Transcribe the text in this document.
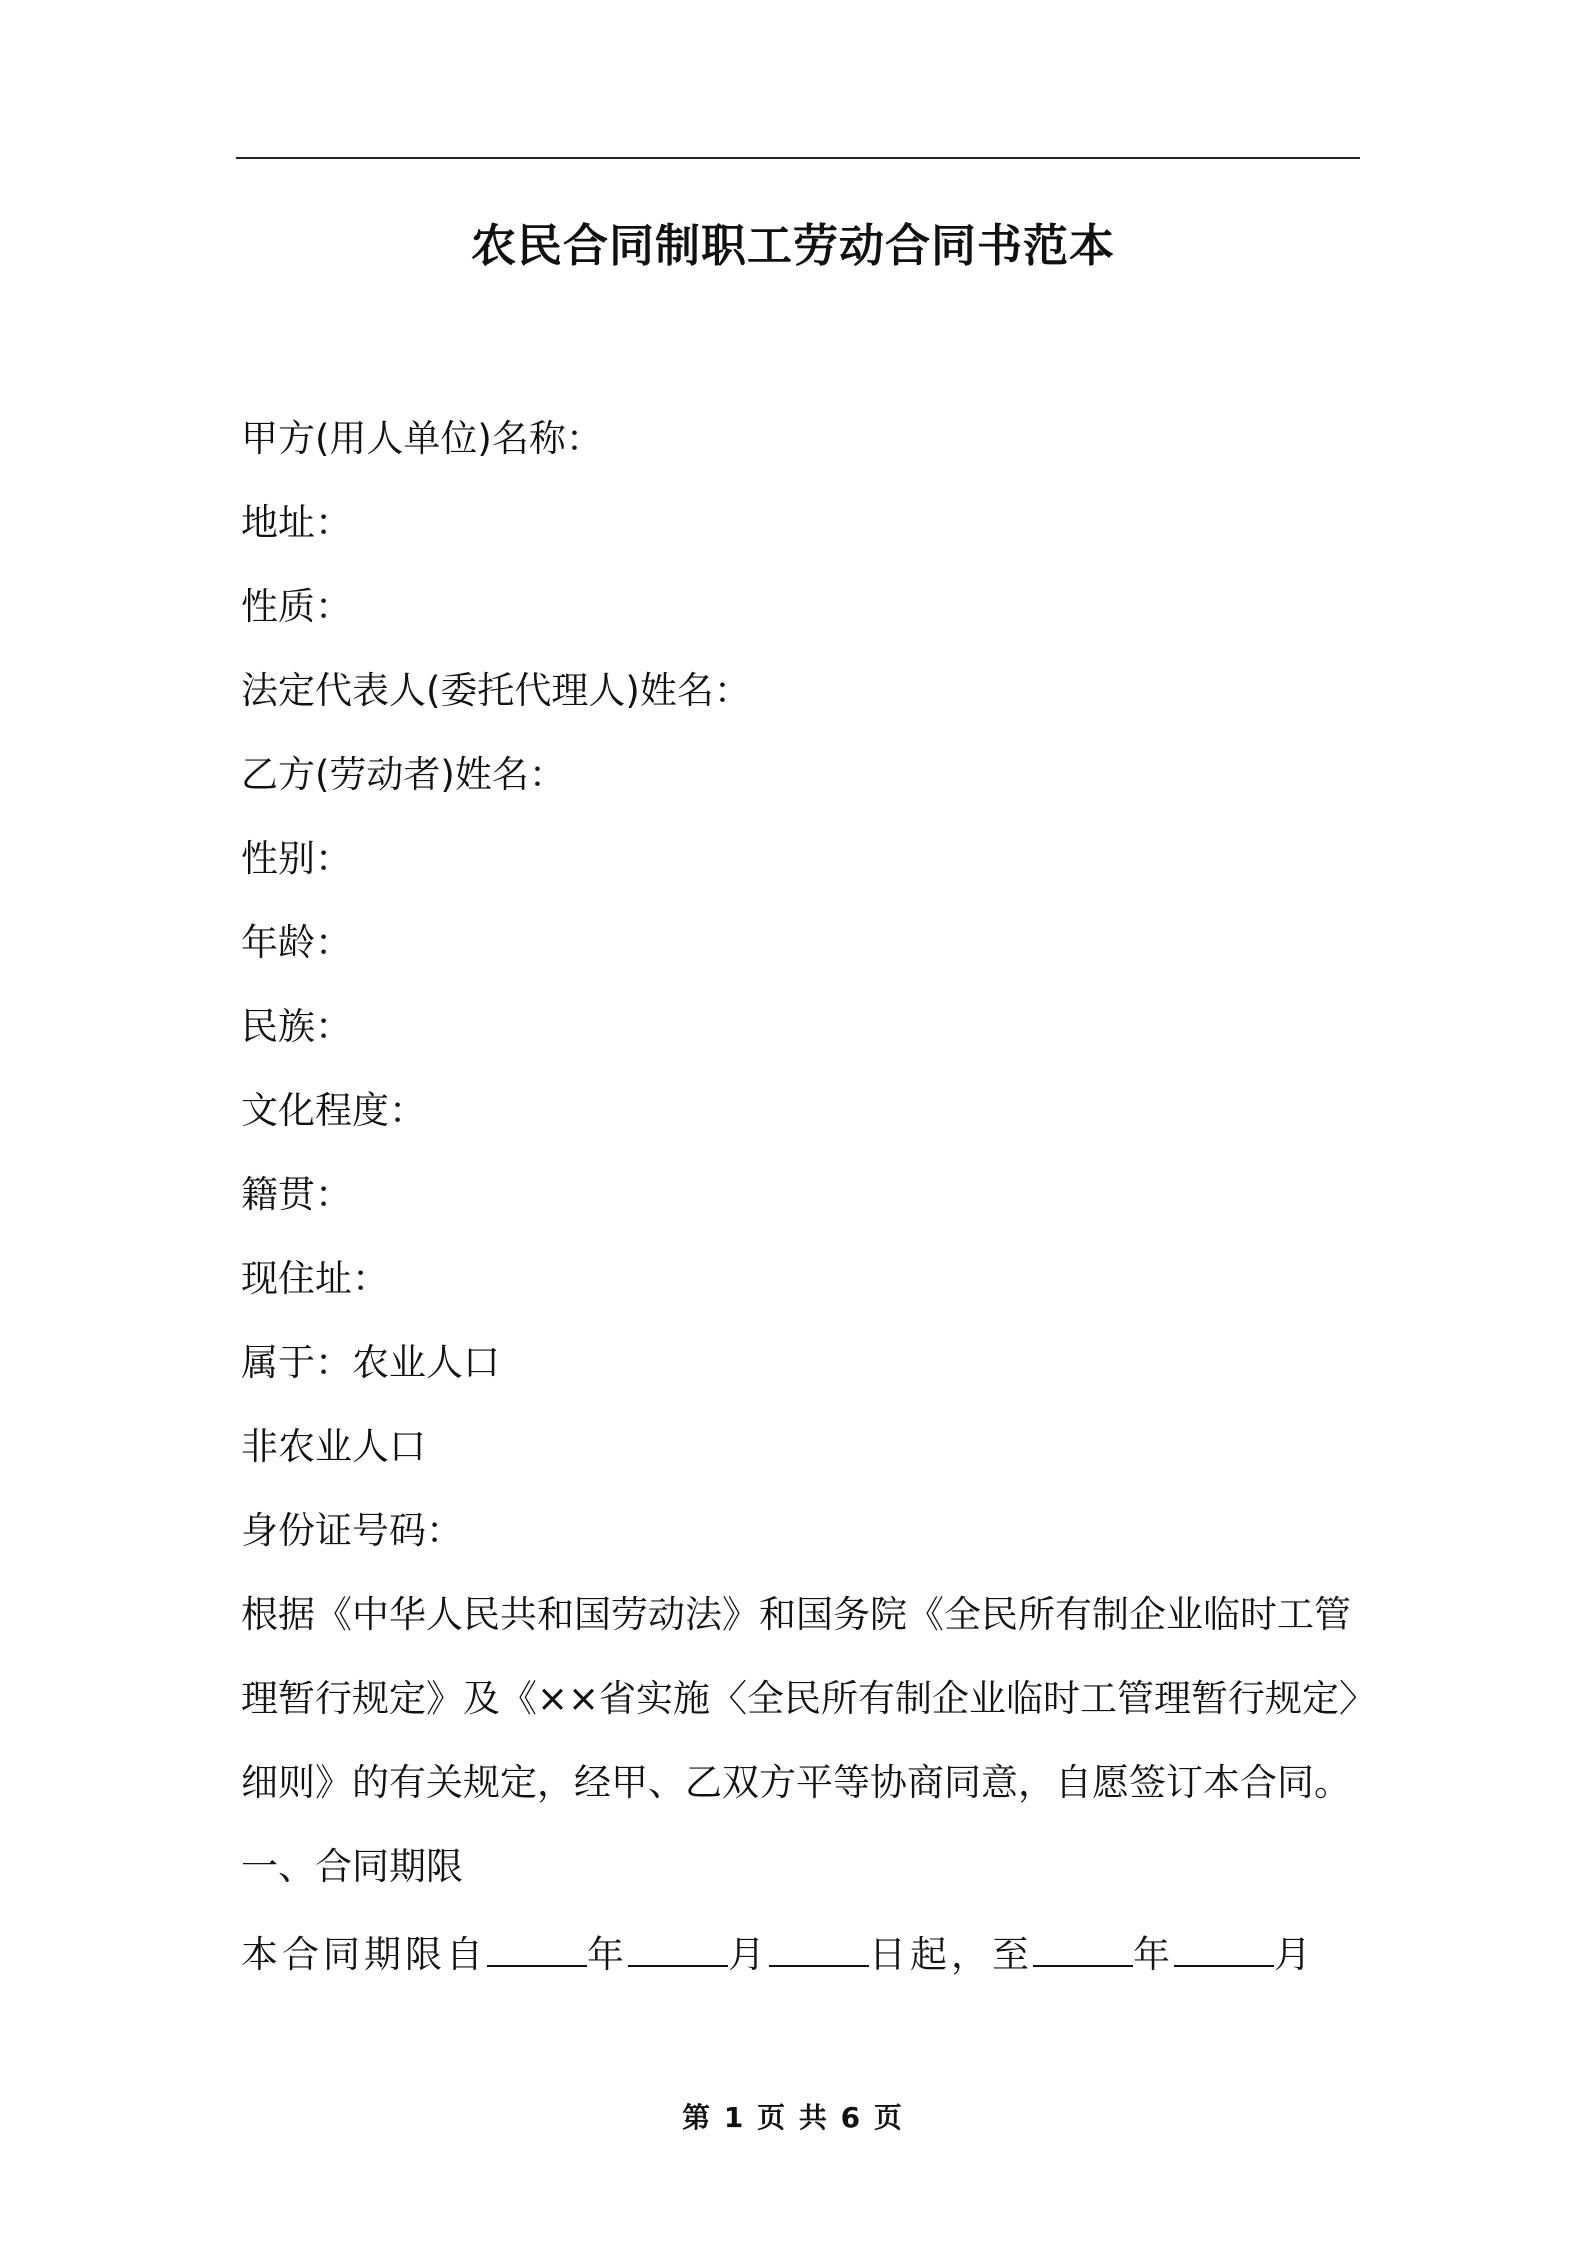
农民合同制职工劳动合同书范本
甲方(用人单位)名称：
地址：
性质：
法定代表人(委托代理人)姓名：
乙方(劳动者)姓名：
性别：
年龄：
民族：
文化程度：
籍贯：
现住址：
属于：农业人口
非农业人口
身份证号码：
根据《中华人民共和国劳动法》和国务院《全民所有制企业临时工管
理暂行规定》及《××省实施〈全民所有制企业临时工管理暂行规定〉
细则》的有关规定，经甲、乙双方平等协商同意，自愿签订本合同。
一、合同期限
本合同期限自	年	月	日起，至	年	月
第 1 页 共 6 页
